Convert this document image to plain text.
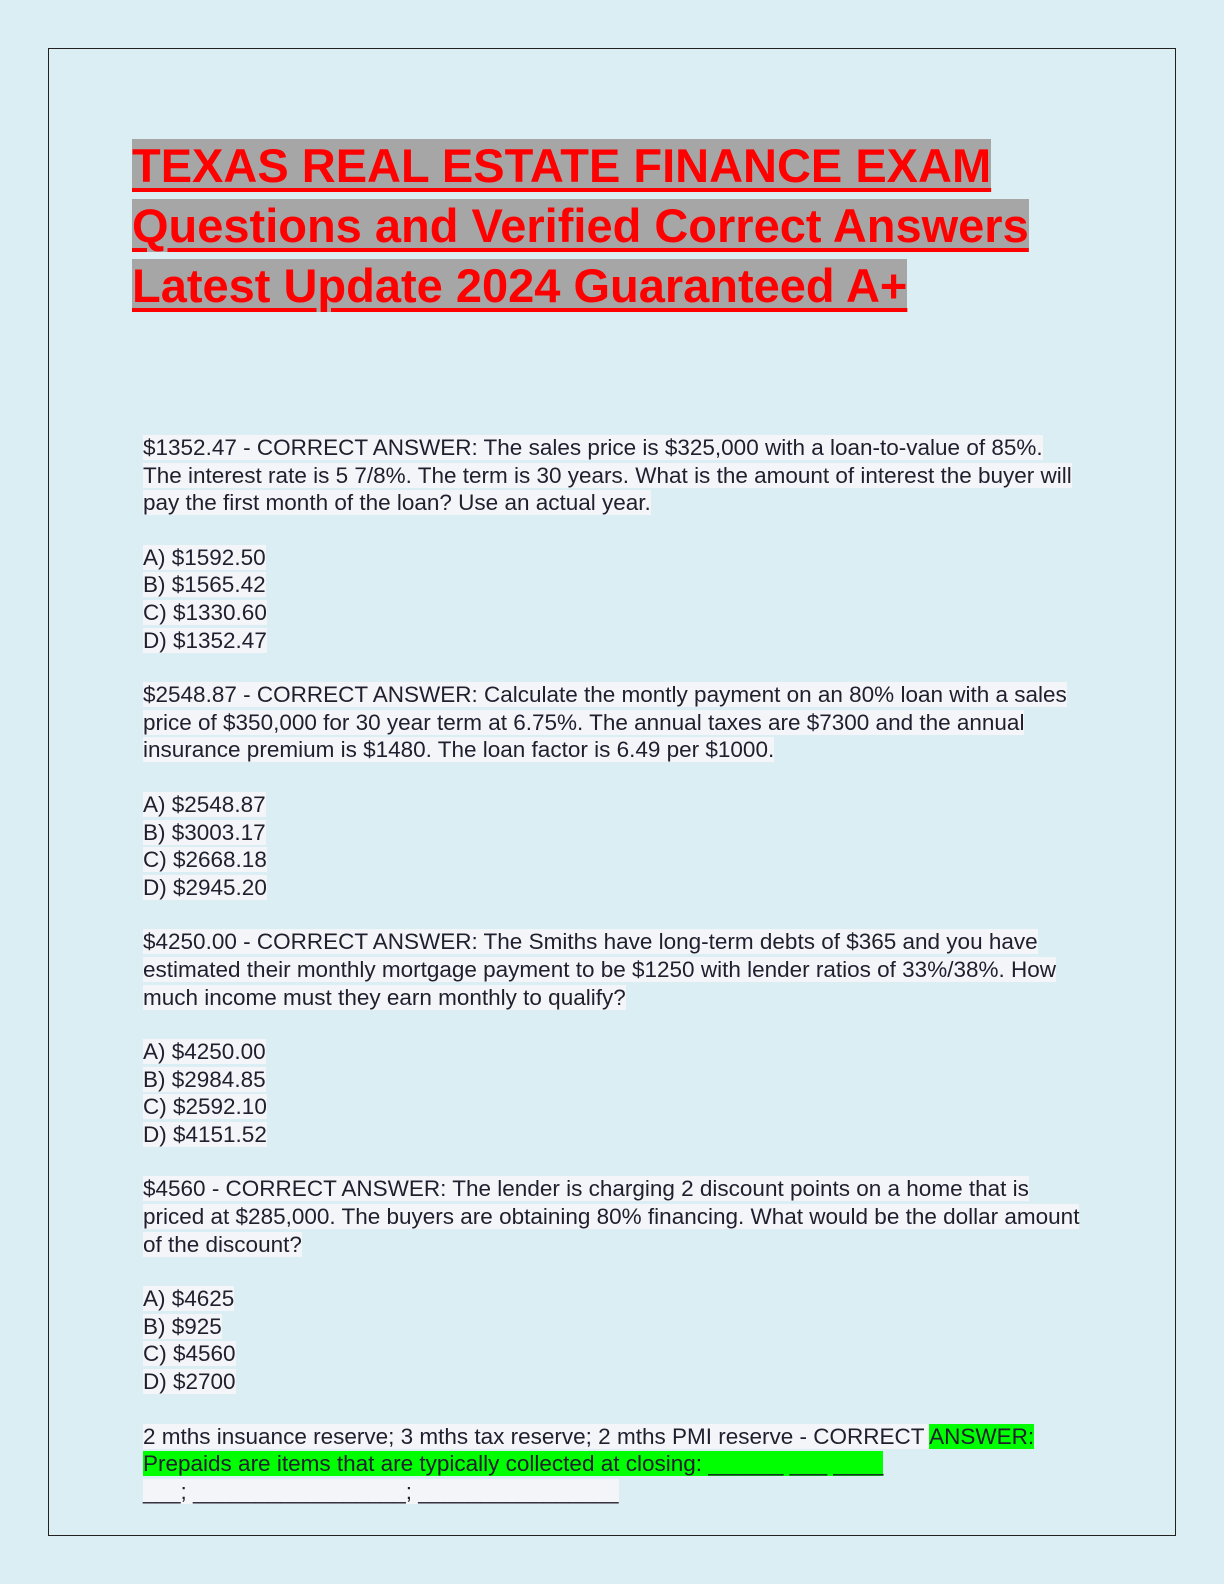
TEXAS REAL ESTATE FINANCE EXAM Questions and Verified Correct Answers Latest Update 2024 Guaranteed A+
$1352.47 - CORRECT ANSWER: The sales price is $325,000 with a loan-to-value of 85%. The interest rate is 5 7/8%. The term is 30 years. What is the amount of interest the buyer will pay the first month of the loan? Use an actual year.
A) $1592.50
B) $1565.42
C) $1330.60
D) $1352.47
$2548.87 - CORRECT ANSWER: Calculate the montly payment on an 80% loan with a sales price of $350,000 for 30 year term at 6.75%. The annual taxes are $7300 and the annual insurance premium is $1480. The loan factor is 6.49 per $1000.
A) $2548.87
B) $3003.17
C) $2668.18
D) $2945.20
$4250.00 - CORRECT ANSWER: The Smiths have long-term debts of $365 and you have estimated their monthly mortgage payment to be $1250 with lender ratios of 33%/38%. How much income must they earn monthly to qualify?
A) $4250.00
B) $2984.85
C) $2592.10
D) $4151.52
$4560 - CORRECT ANSWER: The lender is charging 2 discount points on a home that is priced at $285,000. The buyers are obtaining 80% financing. What would be the dollar amount of the discount?
A) $4625
B) $925
C) $4560
D) $2700
2 mths insuance reserve; 3 mths tax reserve; 2 mths PMI reserve - CORRECT ANSWER: Prepaids are items that are typically collected at closing: ______ ___ ____
___; _________________; ________________
